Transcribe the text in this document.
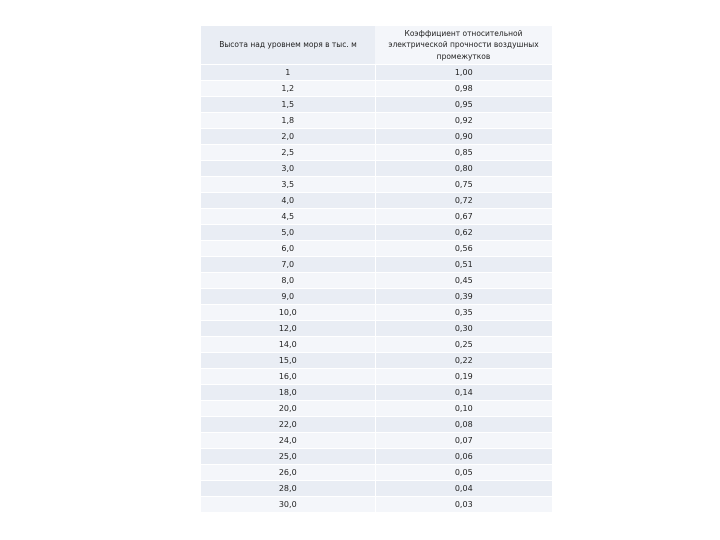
Высота над уровнем моря в тыс. м	Коэффициент относительной электрической прочности воздушных промежутков
1	1,00
1,2	0,98
1,5	0,95
1,8	0,92
2,0	0,90
2,5	0,85
3,0	0,80
3,5	0,75
4,0	0,72
4,5	0,67
5,0	0,62
6,0	0,56
7,0	0,51
8,0	0,45
9,0	0,39
10,0	0,35
12,0	0,30
14,0	0,25
15,0	0,22
16,0	0,19
18,0	0,14
20,0	0,10
22,0	0,08
24,0	0,07
25,0	0,06
26,0	0,05
28,0	0,04
30,0	0,03
